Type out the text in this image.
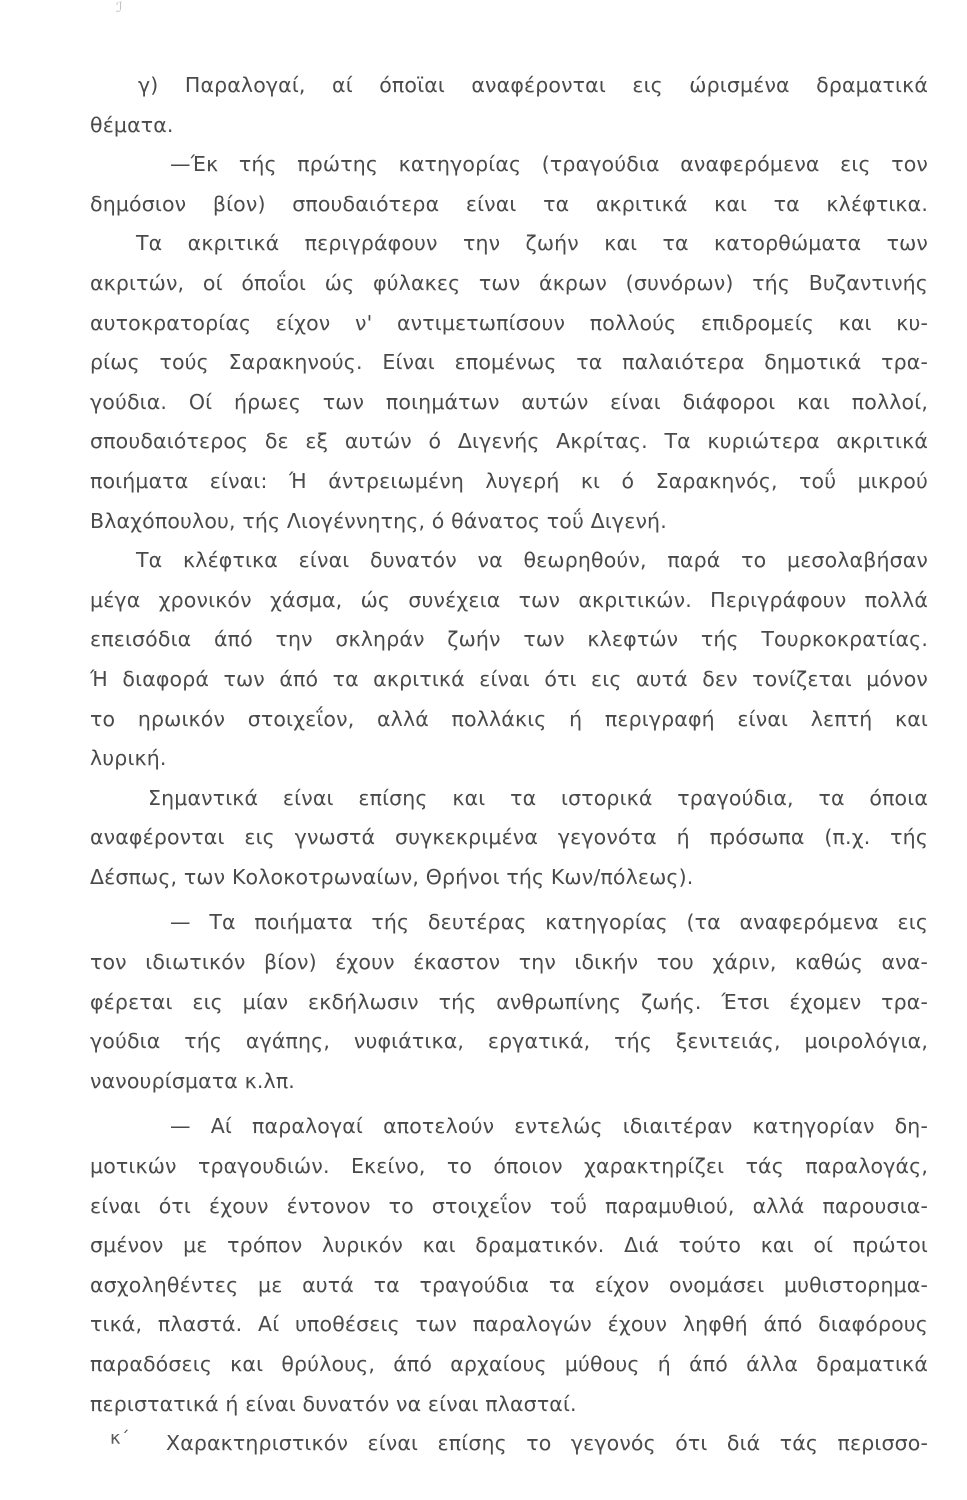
ℐ
γ) Παραλογαί, αί όποϊαι αναφέρονται εις ώρισμένα δραματικά
θέματα.
—Έκ τής πρώτης κατηγορίας (τραγούδια αναφερόμενα εις τον
δημόσιον βίον) σπουδαιότερα είναι τα ακριτικά και τα κλέφτικα.
Τα ακριτικά περιγράφουν την ζωήν και τα κατορθώματα των
ακριτών, οί όποΐοι ώς φύλακες των άκρων (συνόρων) τής Βυζαντινής
αυτοκρατορίας είχον ν' αντιμετωπίσουν πολλούς επιδρομείς και κυ-
ρίως τούς Σαρακηνούς. Είναι επομένως τα παλαιότερα δημοτικά τρα-
γούδια. Οί ήρωες των ποιημάτων αυτών είναι διάφοροι και πολλοί,
σπουδαιότερος δε εξ αυτών ό Διγενής Ακρίτας. Τα κυριώτερα ακριτικά
ποιήματα είναι: Ή άντρειωμένη λυγερή κι ό Σαρακηνός, τοΰ μικρού
Βλαχόπουλου, τής Λιογέννητης, ό θάνατος τοΰ Διγενή.
Τα κλέφτικα είναι δυνατόν να θεωρηθούν, παρά το μεσολαβήσαν
μέγα χρονικόν χάσμα, ώς συνέχεια των ακριτικών. Περιγράφουν πολλά
επεισόδια άπό την σκληράν ζωήν των κλεφτών τής Τουρκοκρατίας.
Ή διαφορά των άπό τα ακριτικά είναι ότι εις αυτά δεν τονίζεται μόνον
το ηρωικόν στοιχεΐον, αλλά πολλάκις ή περιγραφή είναι λεπτή και
λυρική.
Σημαντικά είναι επίσης και τα ιστορικά τραγούδια, τα όποια
αναφέρονται εις γνωστά συγκεκριμένα γεγονότα ή πρόσωπα (π.χ. τής
Δέσπως, των Κολοκοτρωναίων, Θρήνοι τής Κων/πόλεως).
— Τα ποιήματα τής δευτέρας κατηγορίας (τα αναφερόμενα εις
τον ιδιωτικόν βίον) έχουν έκαστον την ιδικήν του χάριν, καθώς ανα-
φέρεται εις μίαν εκδήλωσιν τής ανθρωπίνης ζωής. Έτσι έχομεν τρα-
γούδια τής αγάπης, νυφιάτικα, εργατικά, τής ξενιτειάς, μοιρολόγια,
νανουρίσματα κ.λπ.
— Αί παραλογαί αποτελούν εντελώς ιδιαιτέραν κατηγορίαν δη-
μοτικών τραγουδιών. Εκείνο, το όποιον χαρακτηρίζει τάς παραλογάς,
είναι ότι έχουν έντονον το στοιχεΐον τοΰ παραμυθιού, αλλά παρουσια-
σμένον με τρόπον λυρικόν και δραματικόν. Διά τούτο και οί πρώτοι
ασχοληθέντες με αυτά τα τραγούδια τα είχον ονομάσει μυθιστορημα-
τικά, πλαστά. Αί υποθέσεις των παραλογών έχουν ληφθή άπό διαφόρους
παραδόσεις και θρύλους, άπό αρχαίους μύθους ή άπό άλλα δραματικά
περιστατικά ή είναι δυνατόν να είναι πλασταί.
Χαρακτηριστικόν είναι επίσης το γεγονός ότι διά τάς περισσο-
κ΄
